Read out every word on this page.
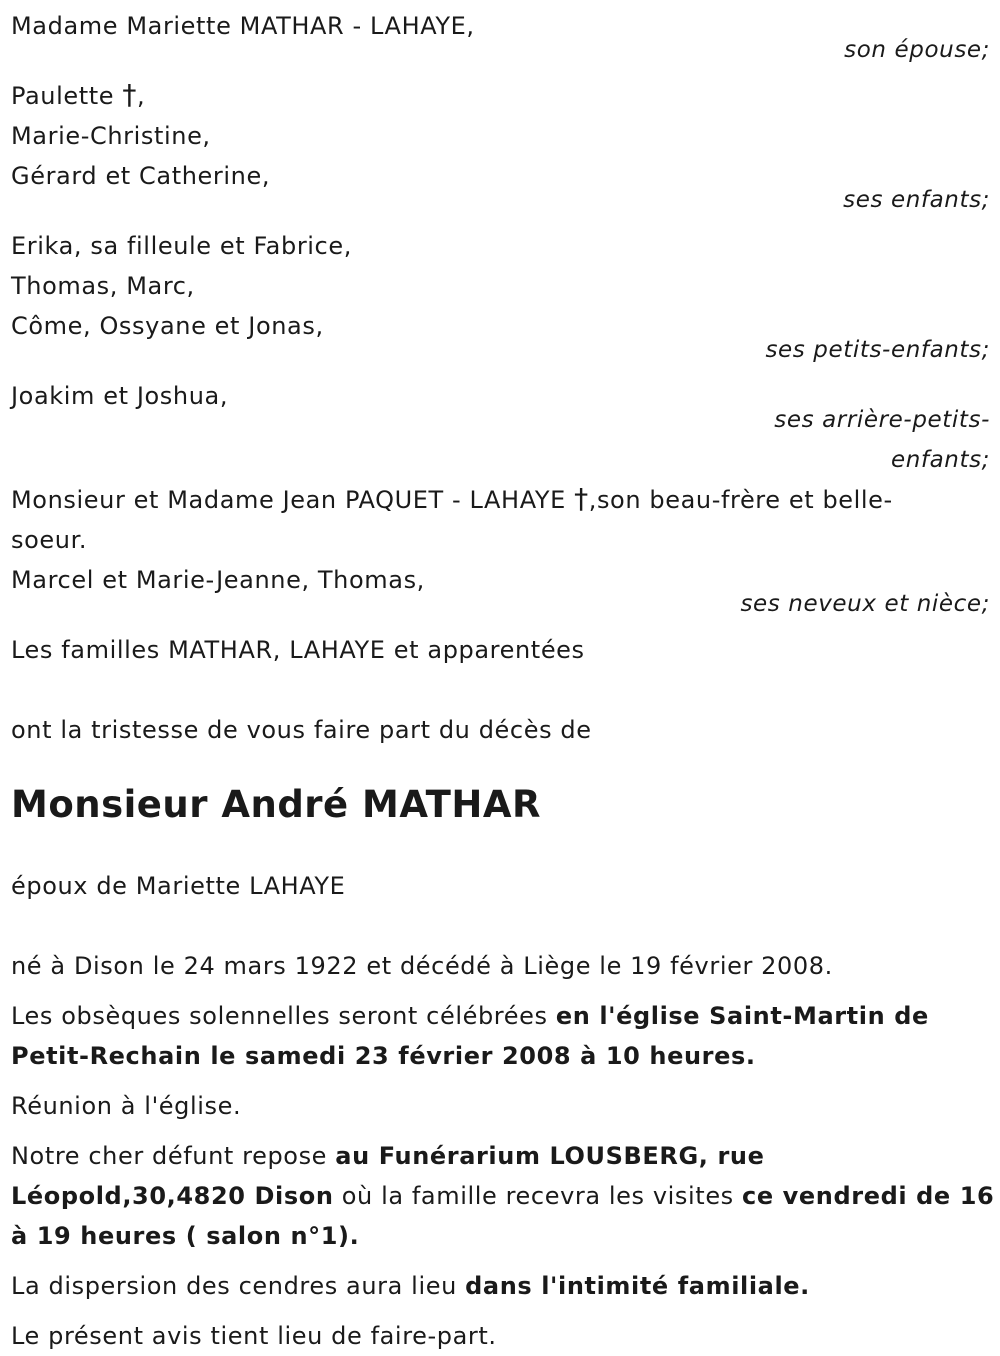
Madame Mariette MATHAR - LAHAYE,
son épouse;
Paulette †,
Marie-Christine,
Gérard et Catherine,
ses enfants;
Erika, sa filleule et Fabrice,
Thomas, Marc,
Côme, Ossyane et Jonas,
ses petits-enfants;
Joakim et Joshua,
ses arrière-petits-
enfants;
Monsieur et Madame Jean PAQUET - LAHAYE †,son beau-frère et belle-
soeur.
Marcel et Marie-Jeanne, Thomas,
ses neveux et nièce;
Les familles MATHAR, LAHAYE et apparentées
ont la tristesse de vous faire part du décès de
Monsieur André MATHAR
époux de Mariette LAHAYE
né à Dison le 24 mars 1922 et décédé à Liège le 19 février 2008.
Les obsèques solennelles seront célébrées en l'église Saint-Martin de
Petit-Rechain le samedi 23 février 2008 à 10 heures.
Réunion à l'église.
Notre cher défunt repose au Funérarium LOUSBERG, rue
Léopold,30,4820 Dison où la famille recevra les visites ce vendredi de 16
à 19 heures ( salon n°1).
La dispersion des cendres aura lieu dans l'intimité familiale.
Le présent avis tient lieu de faire-part.
